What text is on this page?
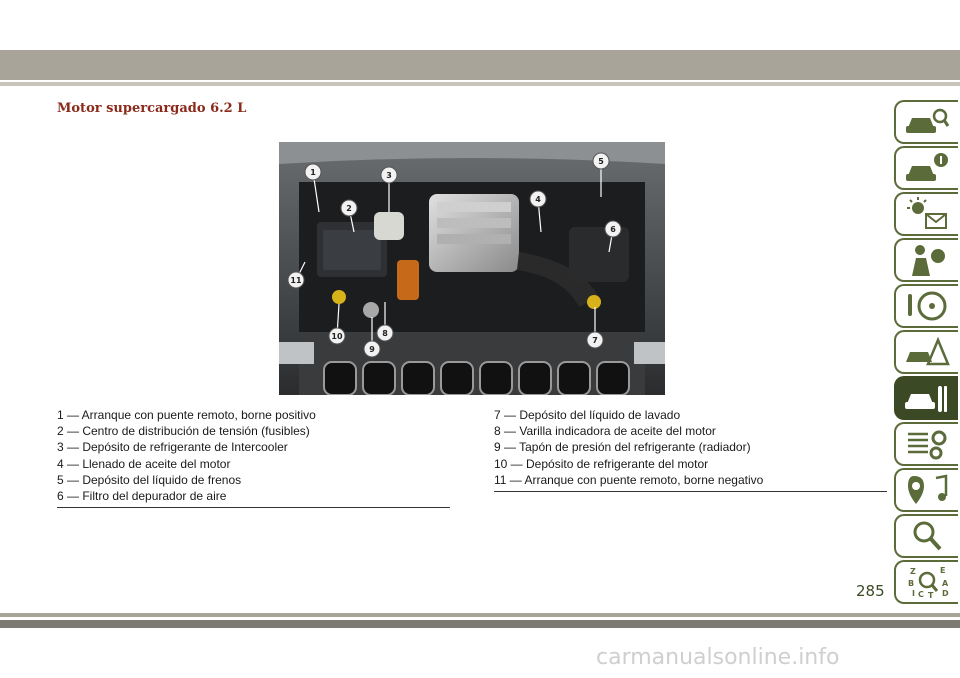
Motor supercargado 6.2 L
1
2
3
4
5
6
7
8
9
10
11
1 — Arranque con puente remoto, borne positivo
2 — Centro de distribución de tensión (fusibles)
3 — Depósito de refrigerante de Intercooler
4 — Llenado de aceite del motor
5 — Depósito del líquido de frenos
6 — Filtro del depurador de aire
7 — Depósito del líquido de lavado
8 — Varilla indicadora de aceite del motor
9 — Tapón de presión del refrigerante (radiador)
10 — Depósito de refrigerante del motor
11 — Arranque con puente remoto, borne negativo
Z	E
B	A
C
I	D
T
285
carmanualsonline.info
